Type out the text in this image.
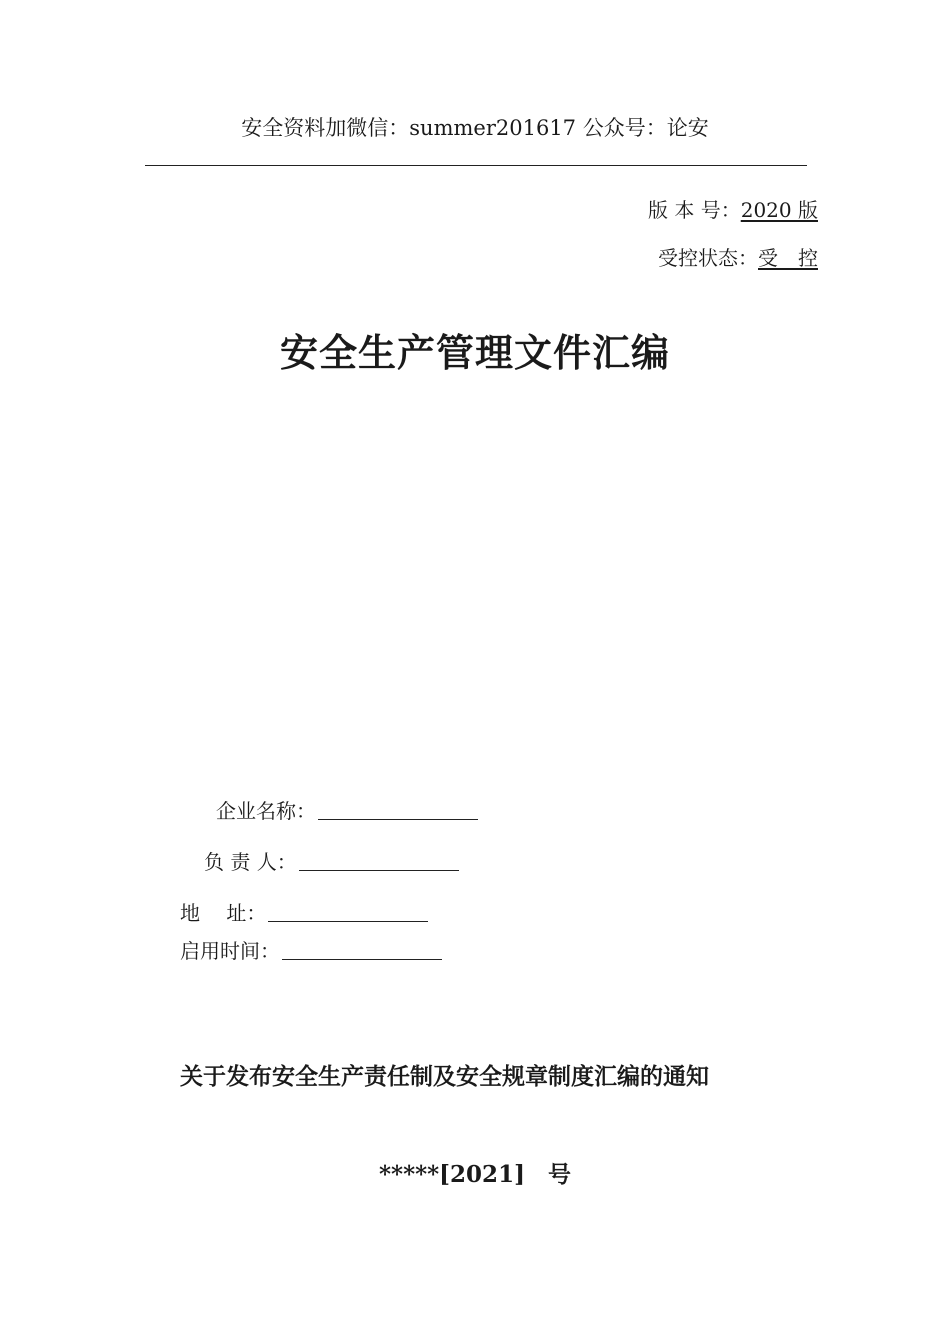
安全资料加微信：summer201617 公众号：论安
版 本 号：2020 版
受控状态：受　控
安全生产管理文件汇编
企业名称：
负 责 人：
地　 址：
启用时间：
关于发布安全生产责任制及安全规章制度汇编的通知
*****[2021]　号
